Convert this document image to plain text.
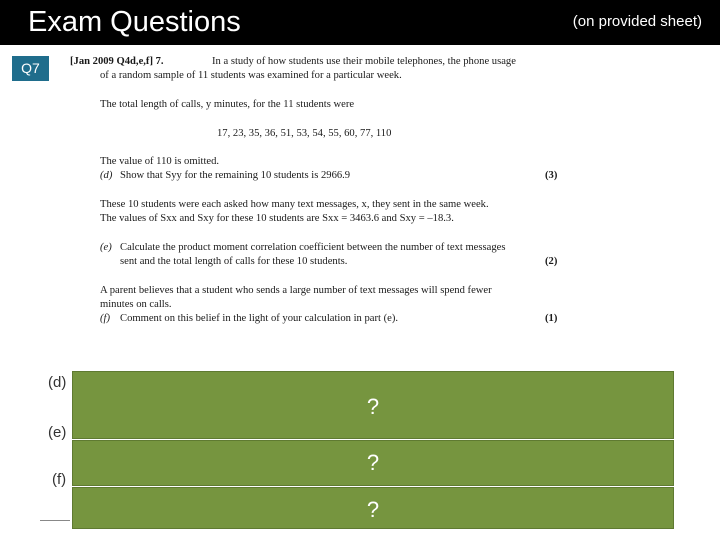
Exam Questions	(on provided sheet)
Q7	[Jan 2009 Q4d,e,f] 7.	In a study of how students use their mobile telephones, the phone usage
of a random sample of 11 students was examined for a particular week.
The total length of calls, y minutes, for the 11 students were
17, 23, 35, 36, 51, 53, 54, 55, 60, 77, 110
The value of 110 is omitted.
(d) Show that Syy for the remaining 10 students is 2966.9	(3)
These 10 students were each asked how many text messages, x, they sent in the same week.
The values of Sxx and Sxy for these 10 students are Sxx = 3463.6 and Sxy = –18.3.
(e) Calculate the product moment correlation coefficient between the number of text messages
sent and the total length of calls for these 10 students.	(2)
A parent believes that a student who sends a large number of text messages will spend fewer
minutes on calls.
(f) Comment on this belief in the light of your calculation in part (e).	(1)
(d)
(e)
(f)
?
?
?
